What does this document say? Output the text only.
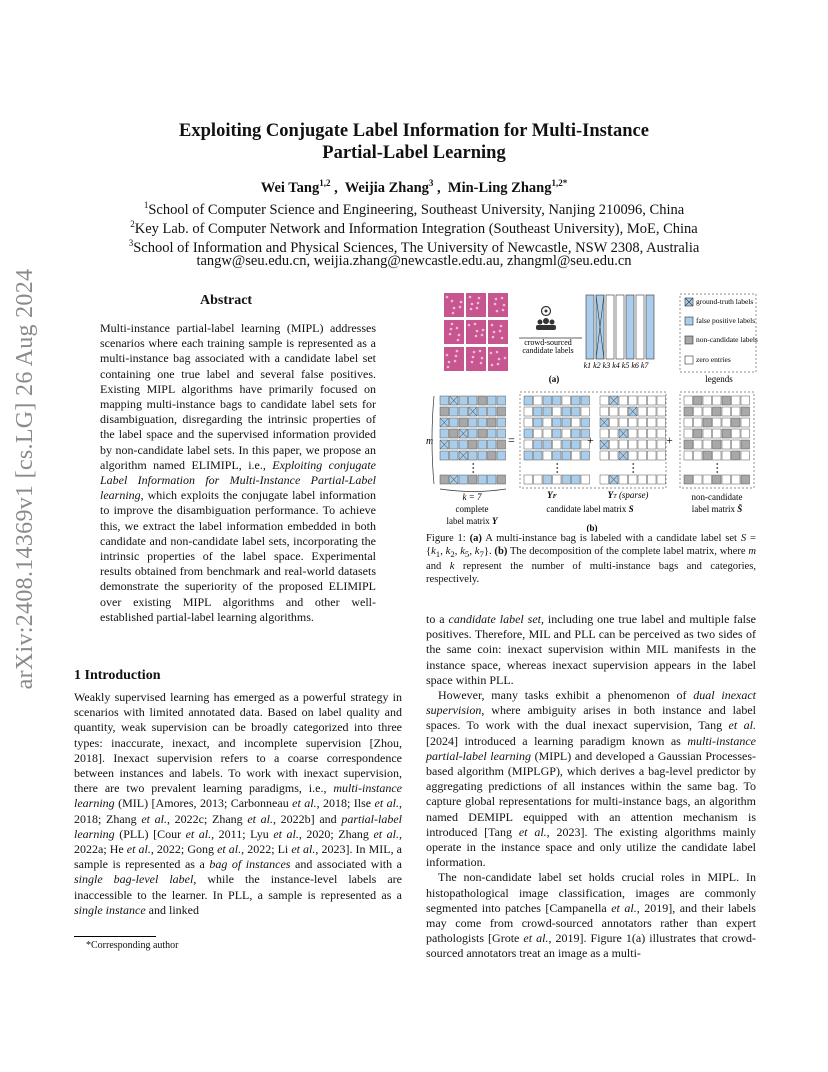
arXiv:2408.14369v1 [cs.LG] 26 Aug 2024
Exploiting Conjugate Label Information for Multi-Instance
Partial-Label Learning
Wei Tang$^{1,2}$ ,  Weijia Zhang$^3$ ,  Min-Ling Zhang$^{1,2*}$
$^1$School of Computer Science and Engineering, Southeast University, Nanjing 210096, China
$^2$Key Lab. of Computer Network and Information Integration (Southeast University), MoE, China
$^3$School of Information and Physical Sciences, The University of Newcastle, NSW 2308, Australia
tangw@seu.edu.cn, weijia.zhang@newcastle.edu.au, zhangml@seu.edu.cn
Abstract
Multi-instance partial-label learning (MIPL) addresses scenarios where each training sample is represented as a multi-instance bag associated with a candidate label set containing one true label and several false positives. Existing MIPL algorithms have primarily focused on mapping multi-instance bags to candidate label sets for disambiguation, disregarding the intrinsic properties of the label space and the supervised information provided by non-candidate label sets. In this paper, we propose an algorithm named ELIMIPL, i.e., Exploiting conjugate Label Information for Multi-Instance Partial-Label learning, which exploits the conjugate label information to improve the disambiguation performance. To achieve this, we extract the label information embedded in both candidate and non-candidate label sets, incorporating the intrinsic properties of the label space. Experimental results obtained from benchmark and real-world datasets demonstrate the superiority of the proposed ELIMIPL over existing MIPL algorithms and other well-established partial-label learning algorithms.
1 Introduction
Weakly supervised learning has emerged as a powerful strategy in scenarios with limited annotated data. Based on label quality and quantity, weak supervision can be broadly categorized into three types: inaccurate, inexact, and incomplete supervision [Zhou, 2018]. Inexact supervision refers to a coarse correspondence between instances and labels. To work with inexact supervision, there are two prevalent learning paradigms, i.e., multi-instance learning (MIL) [Amores, 2013; Carbonneau et al., 2018; Ilse et al., 2018; Zhang et al., 2022c; Zhang et al., 2022b] and partial-label learning (PLL) [Cour et al., 2011; Lyu et al., 2020; Zhang et al., 2022a; He et al., 2022; Gong et al., 2022; Li et al., 2023]. In MIL, a sample is represented as a bag of instances and associated with a single bag-level label, while the instance-level labels are inaccessible to the learner. In PLL, a sample is represented as a single instance and linked
*Corresponding author
crowd-sourced
candidate labels
k1 k2 k3 k4 k5 k6 k7
(a)
ground-truth labels
false positive labels
non-candidate labels
zero entries
legends
m	=	+	+
k = 7
complete
label matrix Y
YF	YT (sparse)
candidate label matrix S
non-candidate
label matrix S̄
(b)
Figure 1: (a) A multi-instance bag is labeled with a candidate label set $S = \{k_1$, $k_2$, $k_5$, $k_7$}. (b) The decomposition of the complete label matrix, where m and k represent the number of multi-instance bags and categories, respectively.
to a candidate label set, including one true label and multiple false positives. Therefore, MIL and PLL can be perceived as two sides of the same coin: inexact supervision within MIL manifests in the instance space, whereas inexact supervision appears in the label space within PLL.
However, many tasks exhibit a phenomenon of dual inexact supervision, where ambiguity arises in both instance and label spaces. To work with the dual inexact supervision, Tang et al. [2024] introduced a learning paradigm known as multi-instance partial-label learning (MIPL) and developed a Gaussian Processes-based algorithm (MIPLGP), which derives a bag-level predictor by aggregating predictions of all instances within the same bag. To capture global representations for multi-instance bags, an algorithm named DEMIPL equipped with an attention mechanism is introduced [Tang et al., 2023]. The existing algorithms mainly operate in the instance space and only utilize the candidate label information.
The non-candidate label set holds crucial roles in MIPL. In histopathological image classification, images are commonly segmented into patches [Campanella et al., 2019], and their labels may come from crowd-sourced annotators rather than expert pathologists [Grote et al., 2019]. Figure 1(a) illustrates that crowd-sourced annotators treat an image as a multi-
